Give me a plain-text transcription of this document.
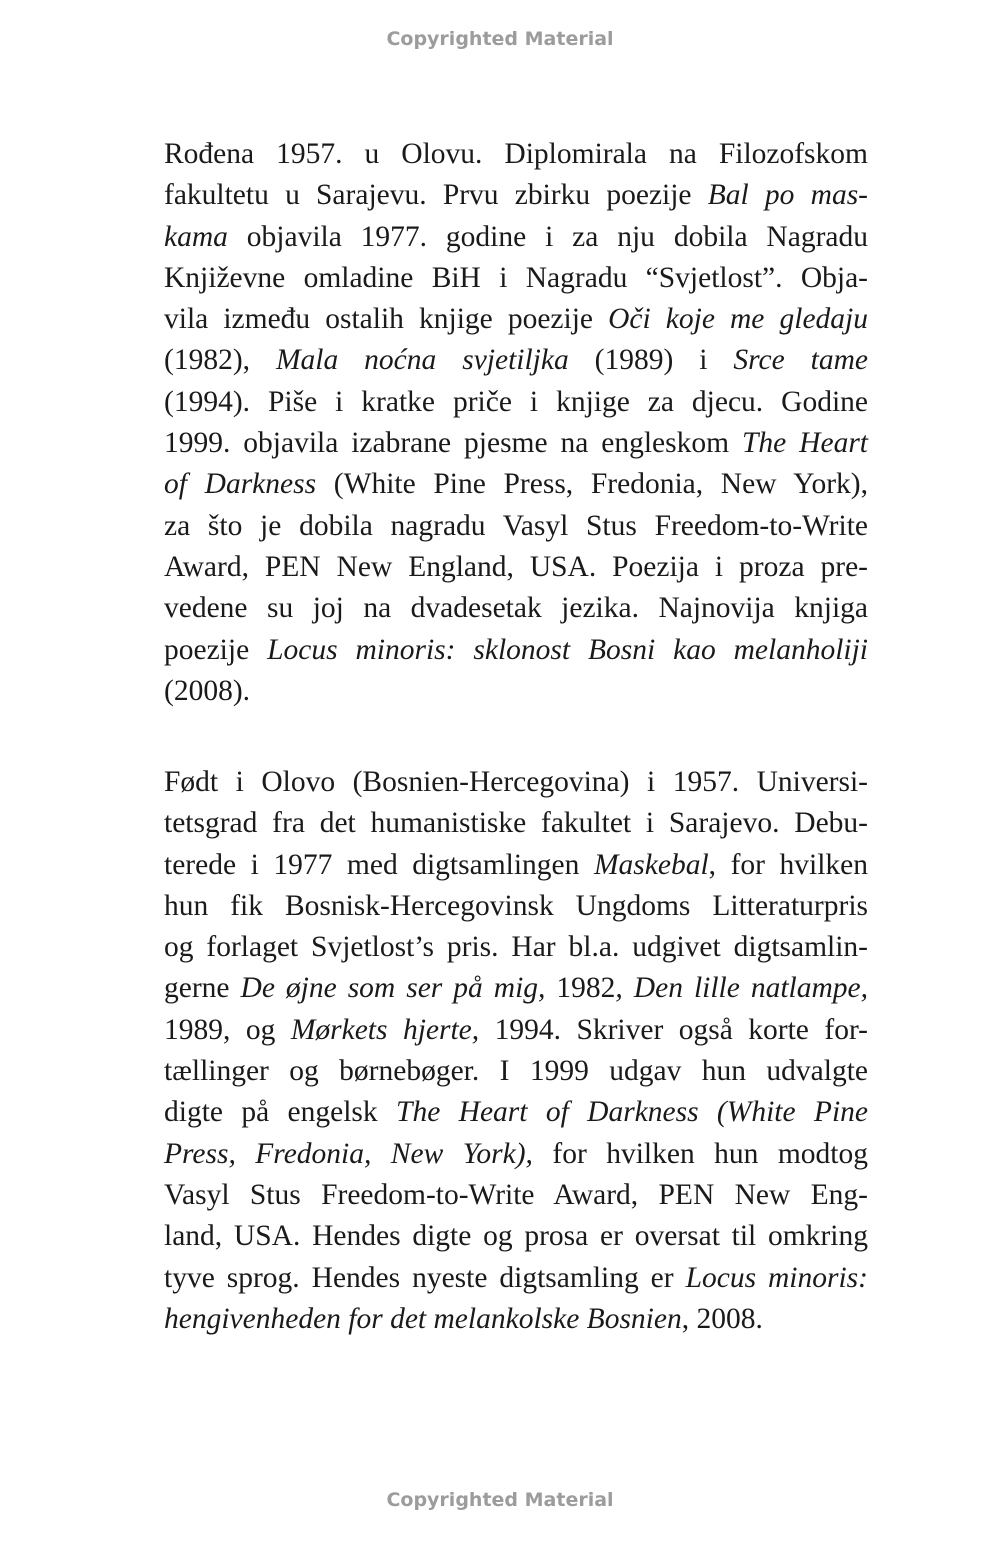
Copyrighted Material
Rođena 1957. u Olovu. Diplomirala na Filozofskom
fakultetu u Sarajevu. Prvu zbirku poezije Bal po mas-
kama objavila 1977. godine i za nju dobila Nagradu
Književne omladine BiH i Nagradu “Svjetlost”. Obja-
vila između ostalih knjige poezije Oči koje me gledaju
(1982), Mala noćna svjetiljka (1989) i Srce tame
(1994). Piše i kratke priče i knjige za djecu. Godine
1999. objavila izabrane pjesme na engleskom The Heart
of Darkness (White Pine Press, Fredonia, New York),
za što je dobila nagradu Vasyl Stus Freedom-to-Write
Award, PEN New England, USA. Poezija i proza pre-
vedene su joj na dvadesetak jezika. Najnovija knjiga
poezije Locus minoris: sklonost Bosni kao melanholiji
(2008).
Født i Olovo (Bosnien-Hercegovina) i 1957. Universi-
tetsgrad fra det humanistiske fakultet i Sarajevo. Debu-
terede i 1977 med digtsamlingen Maskebal, for hvilken
hun fik Bosnisk-Hercegovinsk Ungdoms Litteraturpris
og forlaget Svjetlost’s pris. Har bl.a. udgivet digtsamlin-
gerne De øjne som ser på mig, 1982, Den lille natlampe,
1989, og Mørkets hjerte, 1994. Skriver også korte for-
tællinger og børnebøger. I 1999 udgav hun udvalgte
digte på engelsk The Heart of Darkness (White Pine
Press, Fredonia, New York), for hvilken hun modtog
Vasyl Stus Freedom-to-Write Award, PEN New Eng-
land, USA. Hendes digte og prosa er oversat til omkring
tyve sprog. Hendes nyeste digtsamling er Locus minoris:
hengivenheden for det melankolske Bosnien, 2008.
Copyrighted Material
